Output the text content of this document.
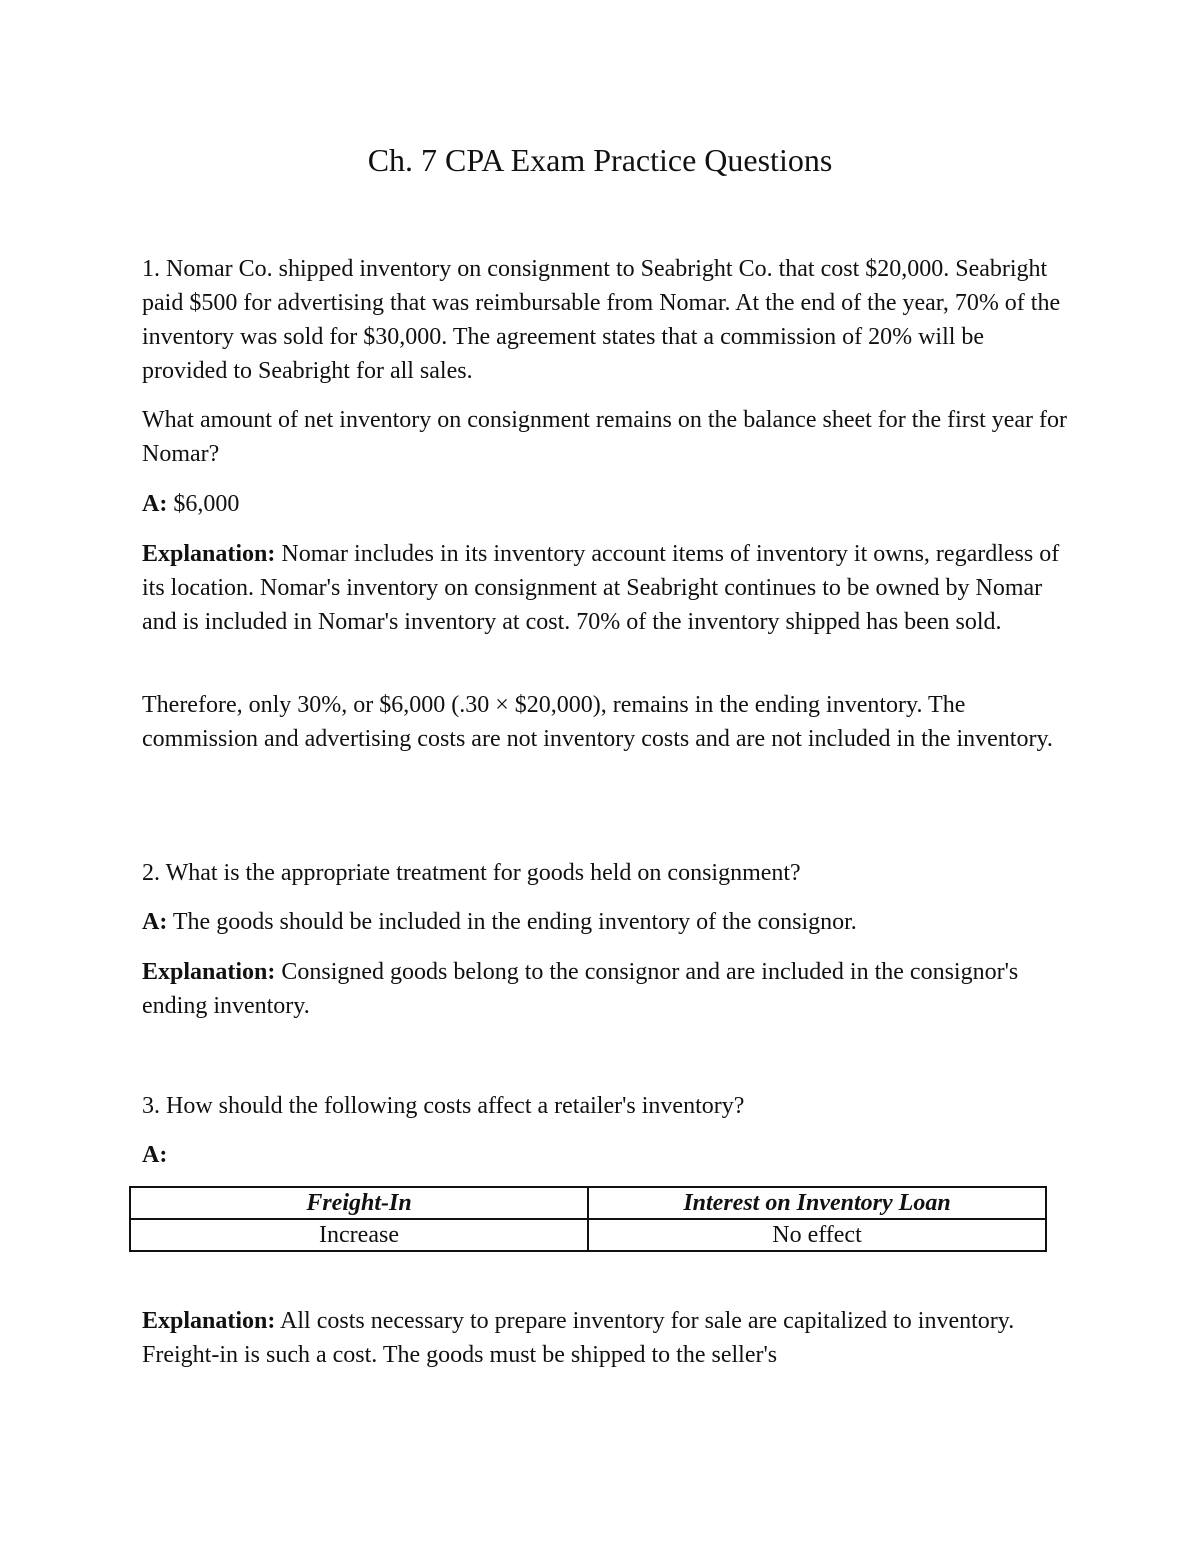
Ch. 7 CPA Exam Practice Questions

1. Nomar Co. shipped inventory on consignment to Seabright Co. that cost $20,000. Seabright paid $500 for advertising that was reimbursable from Nomar. At the end of the year, 70% of the inventory was sold for $30,000. The agreement states that a commission of 20% will be provided to Seabright for all sales.

What amount of net inventory on consignment remains on the balance sheet for the first year for Nomar?

A: $6,000

Explanation: Nomar includes in its inventory account items of inventory it owns, regardless of its location. Nomar's inventory on consignment at Seabright continues to be owned by Nomar and is included in Nomar's inventory at cost. 70% of the inventory shipped has been sold.

Therefore, only 30%, or $6,000 (.30 × $20,000), remains in the ending inventory. The commission and advertising costs are not inventory costs and are not included in the inventory.

2. What is the appropriate treatment for goods held on consignment?

A: The goods should be included in the ending inventory of the consignor.

Explanation: Consigned goods belong to the consignor and are included in the consignor's ending inventory.

3. How should the following costs affect a retailer's inventory?

A:

Freight-In	Interest on Inventory Loan
Increase	No effect

Explanation: All costs necessary to prepare inventory for sale are capitalized to inventory. Freight-in is such a cost. The goods must be shipped to the seller's
